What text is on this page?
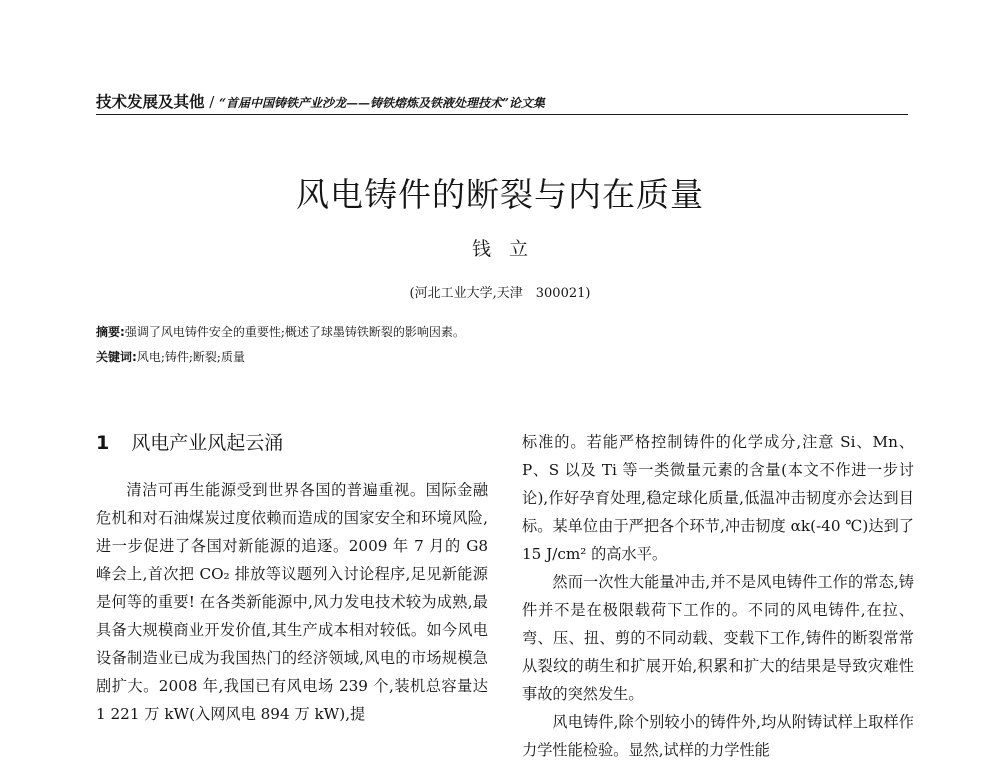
技术发展及其他 / “首届中国铸铁产业沙龙——铸铁熔炼及铁液处理技术”论文集
风电铸件的断裂与内在质量
钱立
(河北工业大学,天津　300021)
摘要:强调了风电铸件安全的重要性;概述了球墨铸铁断裂的影响因素。
关键词:风电;铸件;断裂;质量
1 风电产业风起云涌

清洁可再生能源受到世界各国的普遍重视。国际金融危机和对石油煤炭过度依赖而造成的国家安全和环境风险,进一步促进了各国对新能源的追逐。2009 年 7 月的 G8 峰会上,首次把 CO₂ 排放等议题列入讨论程序,足见新能源是何等的重要! 在各类新能源中,风力发电技术较为成熟,最具备大规模商业开发价值,其生产成本相对较低。如今风电设备制造业已成为我国热门的经济领域,风电的市场规模急剧扩大。2008 年,我国已有风电场 239 个,装机总容量达 1 221 万 kW(入网风电 894 万 kW),提

标准的。若能严格控制铸件的化学成分,注意 Si、Mn、P、S 以及 Ti 等一类微量元素的含量(本文不作进一步讨论),作好孕育处理,稳定球化质量,低温冲击韧度亦会达到目标。某单位由于严把各个环节,冲击韧度 αk(-40 ℃)达到了 15 J/cm² 的高水平。

然而一次性大能量冲击,并不是风电铸件工作的常态,铸件并不是在极限载荷下工作的。不同的风电铸件,在拉、弯、压、扭、剪的不同动载、变载下工作,铸件的断裂常常从裂纹的萌生和扩展开始,积累和扩大的结果是导致灾难性事故的突然发生。

风电铸件,除个别较小的铸件外,均从附铸试样上取样作力学性能检验。显然,试样的力学性能
